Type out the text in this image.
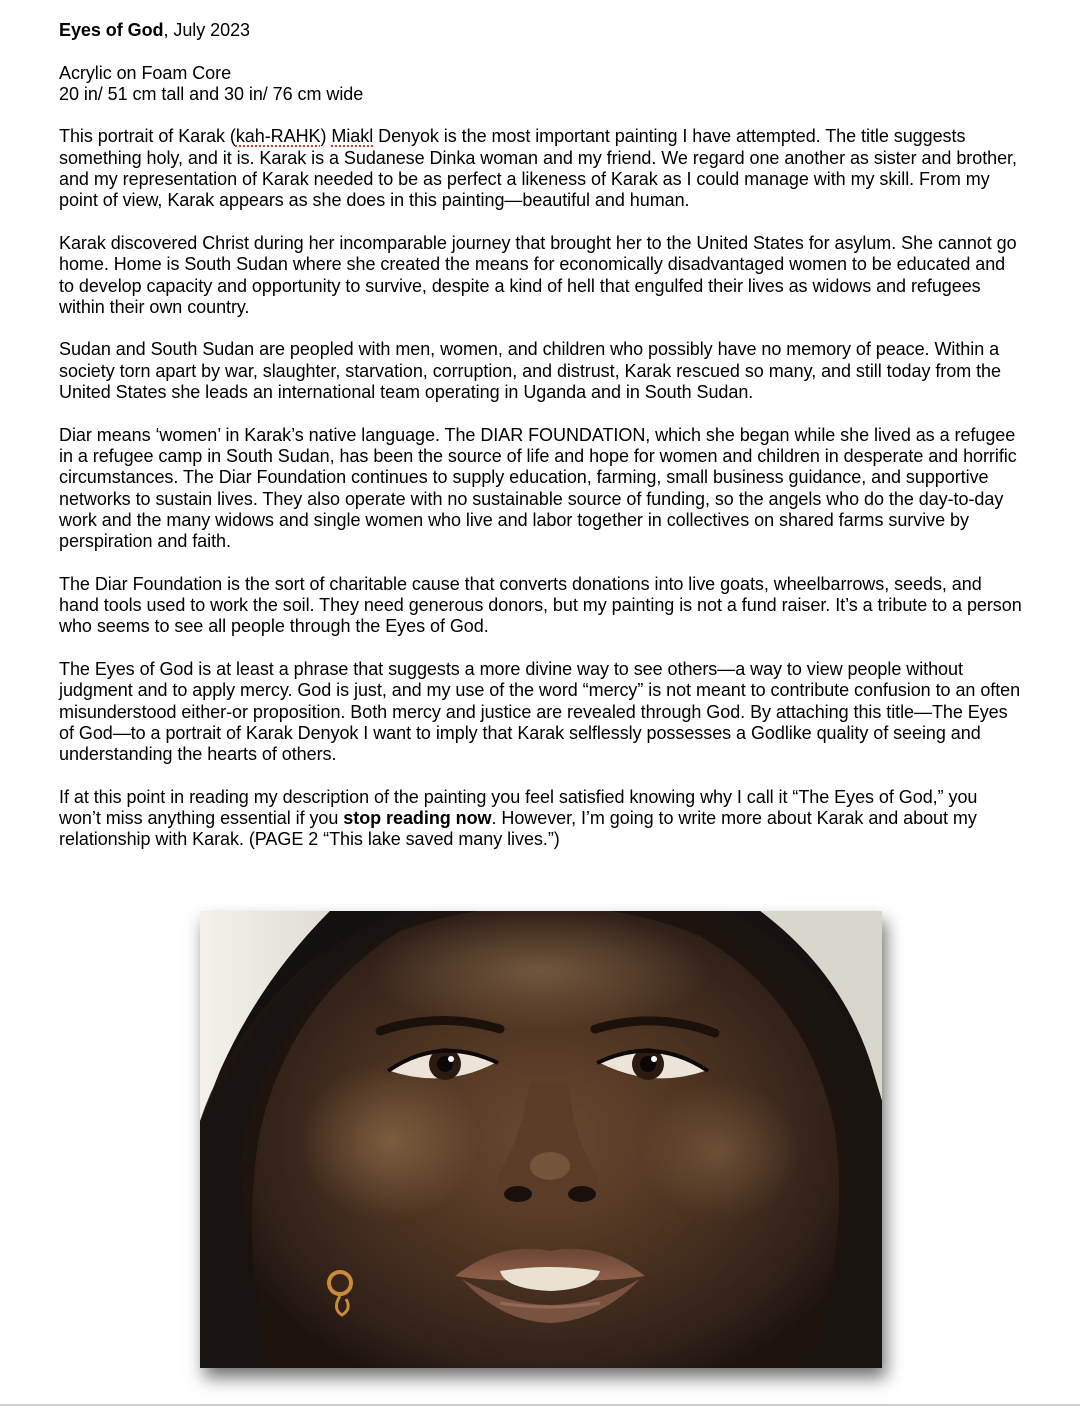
Eyes of God, July 2023

Acrylic on Foam Core

20 in/ 51 cm tall and 30 in/ 76 cm wide

This portrait of Karak (kah-RAHK) Miakl Denyok is the most important painting I have attempted. The title suggests something holy, and it is. Karak is a Sudanese Dinka woman and my friend. We regard one another as sister and brother, and my representation of Karak needed to be as perfect a likeness of Karak as I could manage with my skill. From my point of view, Karak appears as she does in this painting—beautiful and human.

Karak discovered Christ during her incomparable journey that brought her to the United States for asylum. She cannot go home. Home is South Sudan where she created the means for economically disadvantaged women to be educated and to develop capacity and opportunity to survive, despite a kind of hell that engulfed their lives as widows and refugees within their own country.

Sudan and South Sudan are peopled with men, women, and children who possibly have no memory of peace. Within a society torn apart by war, slaughter, starvation, corruption, and distrust, Karak rescued so many, and still today from the United States she leads an international team operating in Uganda and in South Sudan.

Diar means ‘women’ in Karak’s native language. The DIAR FOUNDATION, which she began while she lived as a refugee in a refugee camp in South Sudan, has been the source of life and hope for women and children in desperate and horrific circumstances. The Diar Foundation continues to supply education, farming, small business guidance, and supportive networks to sustain lives. They also operate with no sustainable source of funding, so the angels who do the day-to-day work and the many widows and single women who live and labor together in collectives on shared farms survive by perspiration and faith.

The Diar Foundation is the sort of charitable cause that converts donations into live goats, wheelbarrows, seeds, and hand tools used to work the soil. They need generous donors, but my painting is not a fund raiser. It’s a tribute to a person who seems to see all people through the Eyes of God.

The Eyes of God is at least a phrase that suggests a more divine way to see others—a way to view people without judgment and to apply mercy. God is just, and my use of the word “mercy” is not meant to contribute confusion to an often misunderstood either-or proposition. Both mercy and justice are revealed through God. By attaching this title—The Eyes of God—to a portrait of Karak Denyok I want to imply that Karak selflessly possesses a Godlike quality of seeing and understanding the hearts of others.

If at this point in reading my description of the painting you feel satisfied knowing why I call it “The Eyes of God,” you won’t miss anything essential if you stop reading now. However, I’m going to write more about Karak and about my relationship with Karak. (PAGE 2 “This lake saved many lives.”)
